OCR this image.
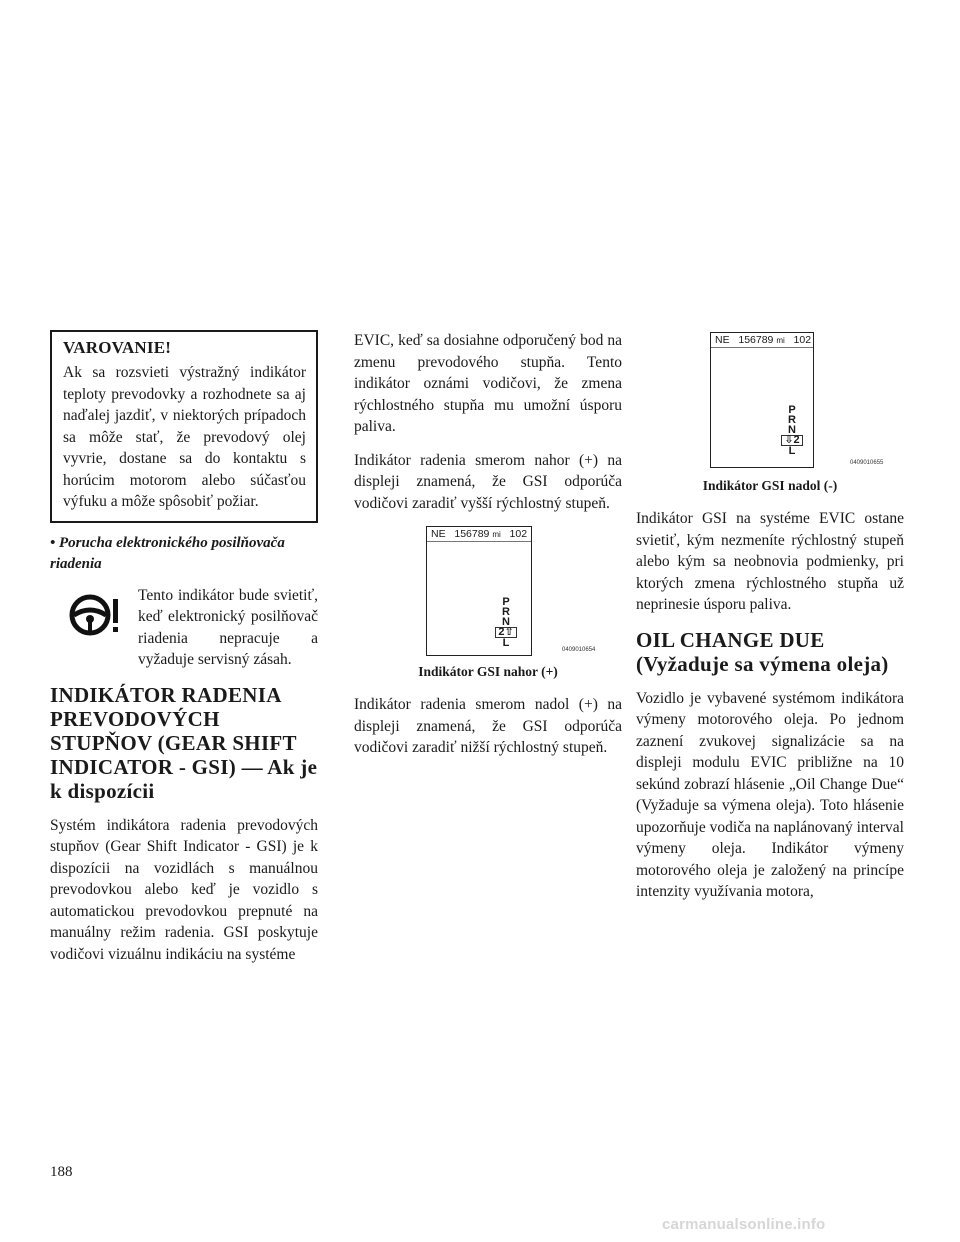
VAROVANIE!

Ak sa rozsvieti výstražný indikátor teploty prevodovky a rozhodnete sa aj naďalej jazdiť, v niektorých prípadoch sa môže stať, že prevodový olej vyvrie, dostane sa do kontaktu s horúcim motorom alebo súčasťou výfuku a môže spôsobiť požiar.

• Porucha elektronického posilňovača riadenia

Tento indikátor bude svietiť, keď elektronický posilňovač riadenia nepracuje a vyžaduje servisný zásah.

INDIKÁTOR RADENIA PREVODOVÝCH STUPŇOV (GEAR SHIFT INDICATOR - GSI) — Ak je k dispozícii

Systém indikátora radenia prevodových stupňov (Gear Shift Indicator - GSI) je k dispozícii na vozidlách s manuálnou prevodovkou alebo keď je vozidlo s automatickou prevodovkou prepnuté na manuálny režim radenia. GSI poskytuje vodičovi vizuálnu indikáciu na systéme

EVIC, keď sa dosiahne odporučený bod na zmenu prevodového stupňa. Tento indikátor oznámi vodičovi, že zmena rýchlostného stupňa mu umožní úsporu paliva.

Indikátor radenia smerom nahor (+) na displeji znamená, že GSI odporúča vodičovi zaradiť vyšší rýchlostný stupeň.

NE 156789 mi 102
P
R
N
2⇧
L
0409010654
Indikátor GSI nahor (+)

Indikátor radenia smerom nadol (+) na displeji znamená, že GSI odporúča vodičovi zaradiť nižší rýchlostný stupeň.

NE 156789 mi 102
P
R
N
⇩2
L
0409010655
Indikátor GSI nadol (-)

Indikátor GSI na systéme EVIC ostane svietiť, kým nezmeníte rýchlostný stupeň alebo kým sa neobnovia podmienky, pri ktorých zmena rýchlostného stupňa už neprinesie úsporu paliva.

OIL CHANGE DUE
(Vyžaduje sa výmena oleja)

Vozidlo je vybavené systémom indikátora výmeny motorového oleja. Po jednom zaznení zvukovej signalizácie sa na displeji modulu EVIC približne na 10 sekúnd zobrazí hlásenie „Oil Change Due“ (Vyžaduje sa výmena oleja). Toto hlásenie upozorňuje vodiča na naplánovaný interval výmeny oleja. Indikátor výmeny motorového oleja je založený na princípe intenzity využívania motora,

188
carmanualsonline.info
